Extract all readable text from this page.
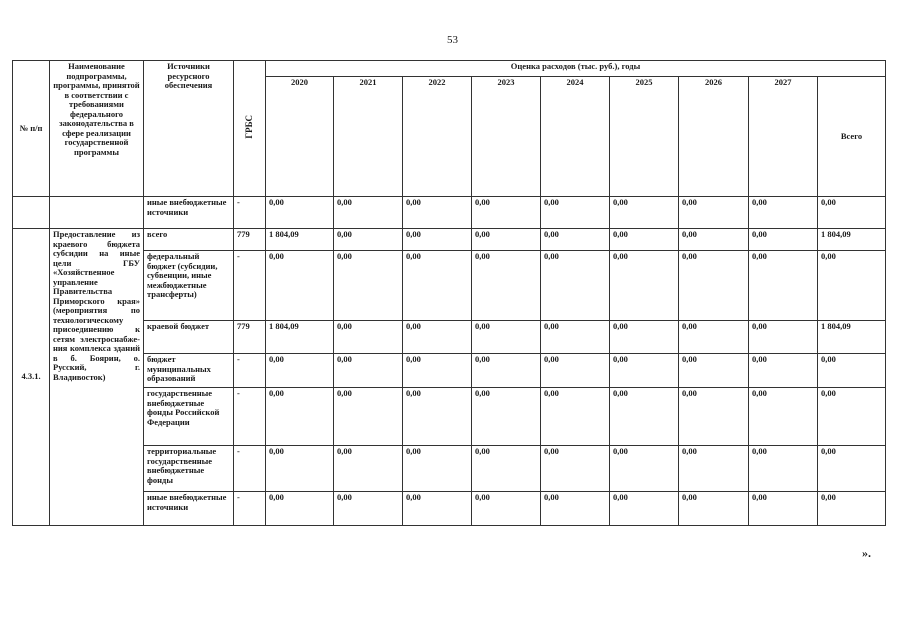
53
№ п/п	Наименование подпрограммы, программы, принятой в соответствии с требованиями федерального законодательства в сфере реализации государственной программы	Источники ресурсного обеспечения	ГРБС	Оценка расходов (тыс. руб.), годы								
				2020	2021	2022	2023	2024	2025	2026	2027	Всего
		иные внебюджетные источники	-	0,00	0,00	0,00	0,00	0,00	0,00	0,00	0,00	0,00
4.3.1.	Предоставление из краевого бюджета субсидии на иные цели ГБУ «Хозяйственное управление Правительства Приморского края» (мероприятия по технологическому присоединению к сетям электроснабже-ния комплекса зданий в б. Боярин, о. Русский, г. Владивосток)	всего	779	1 804,09	0,00	0,00	0,00	0,00	0,00	0,00	0,00	1 804,09
		федеральный бюджет (субсидии, субвенции, иные межбюджетные трансферты)	-	0,00	0,00	0,00	0,00	0,00	0,00	0,00	0,00	0,00
		краевой бюджет	779	1 804,09	0,00	0,00	0,00	0,00	0,00	0,00	0,00	1 804,09
		бюджет муниципальных образований	-	0,00	0,00	0,00	0,00	0,00	0,00	0,00	0,00	0,00
		государственные внебюджетные фонды Российской Федерации	-	0,00	0,00	0,00	0,00	0,00	0,00	0,00	0,00	0,00
		территориальные государственные внебюджетные фонды	-	0,00	0,00	0,00	0,00	0,00	0,00	0,00	0,00	0,00
		иные внебюджетные источники	-	0,00	0,00	0,00	0,00	0,00	0,00	0,00	0,00	0,00
».
